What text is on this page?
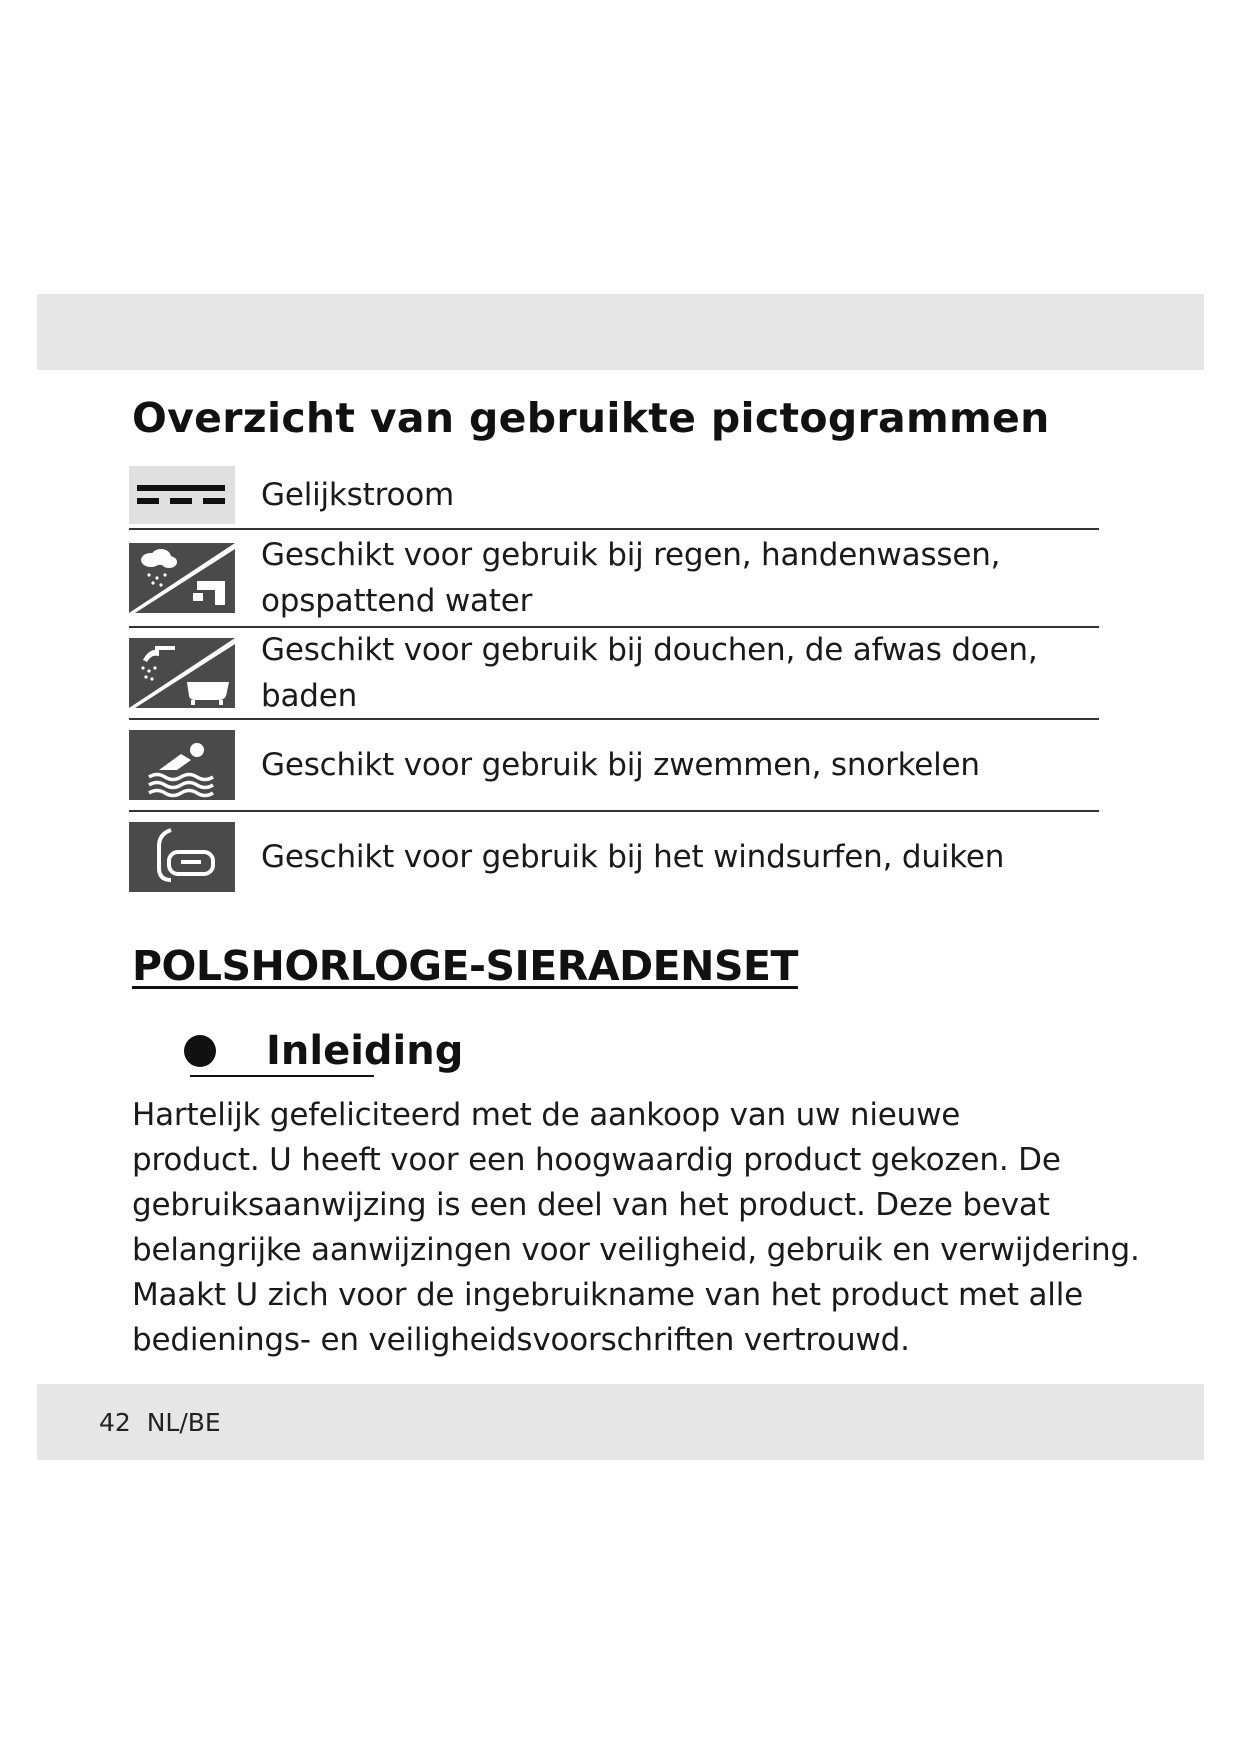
Overzicht van gebruikte pictogrammen
Gelijkstroom
Geschikt voor gebruik bij regen, handenwassen,
opspattend water
Geschikt voor gebruik bij douchen, de afwas doen, baden
Geschikt voor gebruik bij zwemmen, snorkelen
Geschikt voor gebruik bij het windsurfen, duiken
POLSHORLOGE-SIERADENSET
Inleiding

Hartelijk gefeliciteerd met de aankoop van uw nieuwe
product. U heeft voor een hoogwaardig product gekozen. De
gebruiksaanwijzing is een deel van het product. Deze bevat
belangrijke aanwijzingen voor veiligheid, gebruik en verwijdering.
Maakt U zich voor de ingebruikname van het product met alle
bedienings- en veiligheidsvoorschriften vertrouwd.

42 NL/BE
